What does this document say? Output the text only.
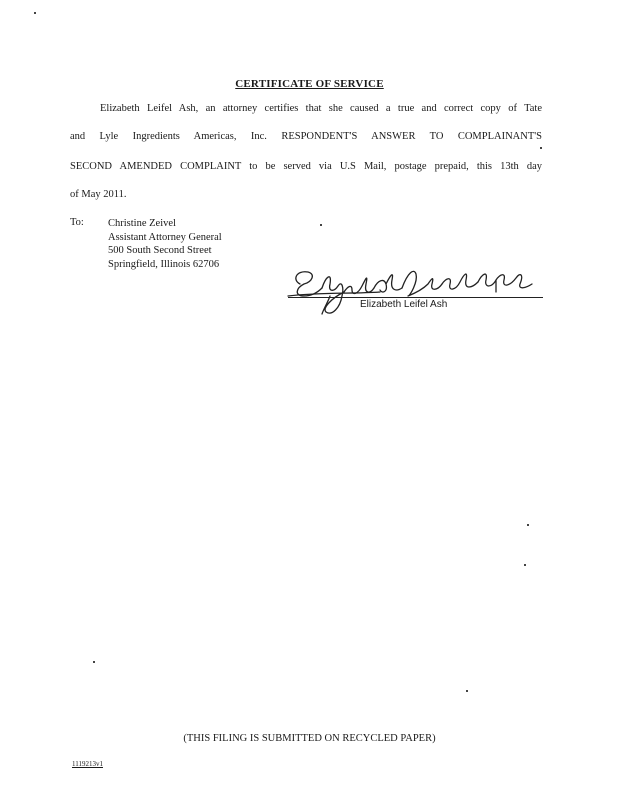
CERTIFICATE OF SERVICE
Elizabeth Leifel Ash, an attorney certifies that she caused a true and correct copy of Tate
and Lyle Ingredients Americas, Inc. RESPONDENT'S ANSWER TO COMPLAINANT'S
SECOND AMENDED COMPLAINT to be served via U.S Mail, postage prepaid, this 13th day
of May 2011.
To: Christine Zeivel
Assistant Attorney General
500 South Second Street
Springfield, Illinois 62706
Elizabeth Leifel Ash
(THIS FILING IS SUBMITTED ON RECYCLED PAPER)
1119213v1
